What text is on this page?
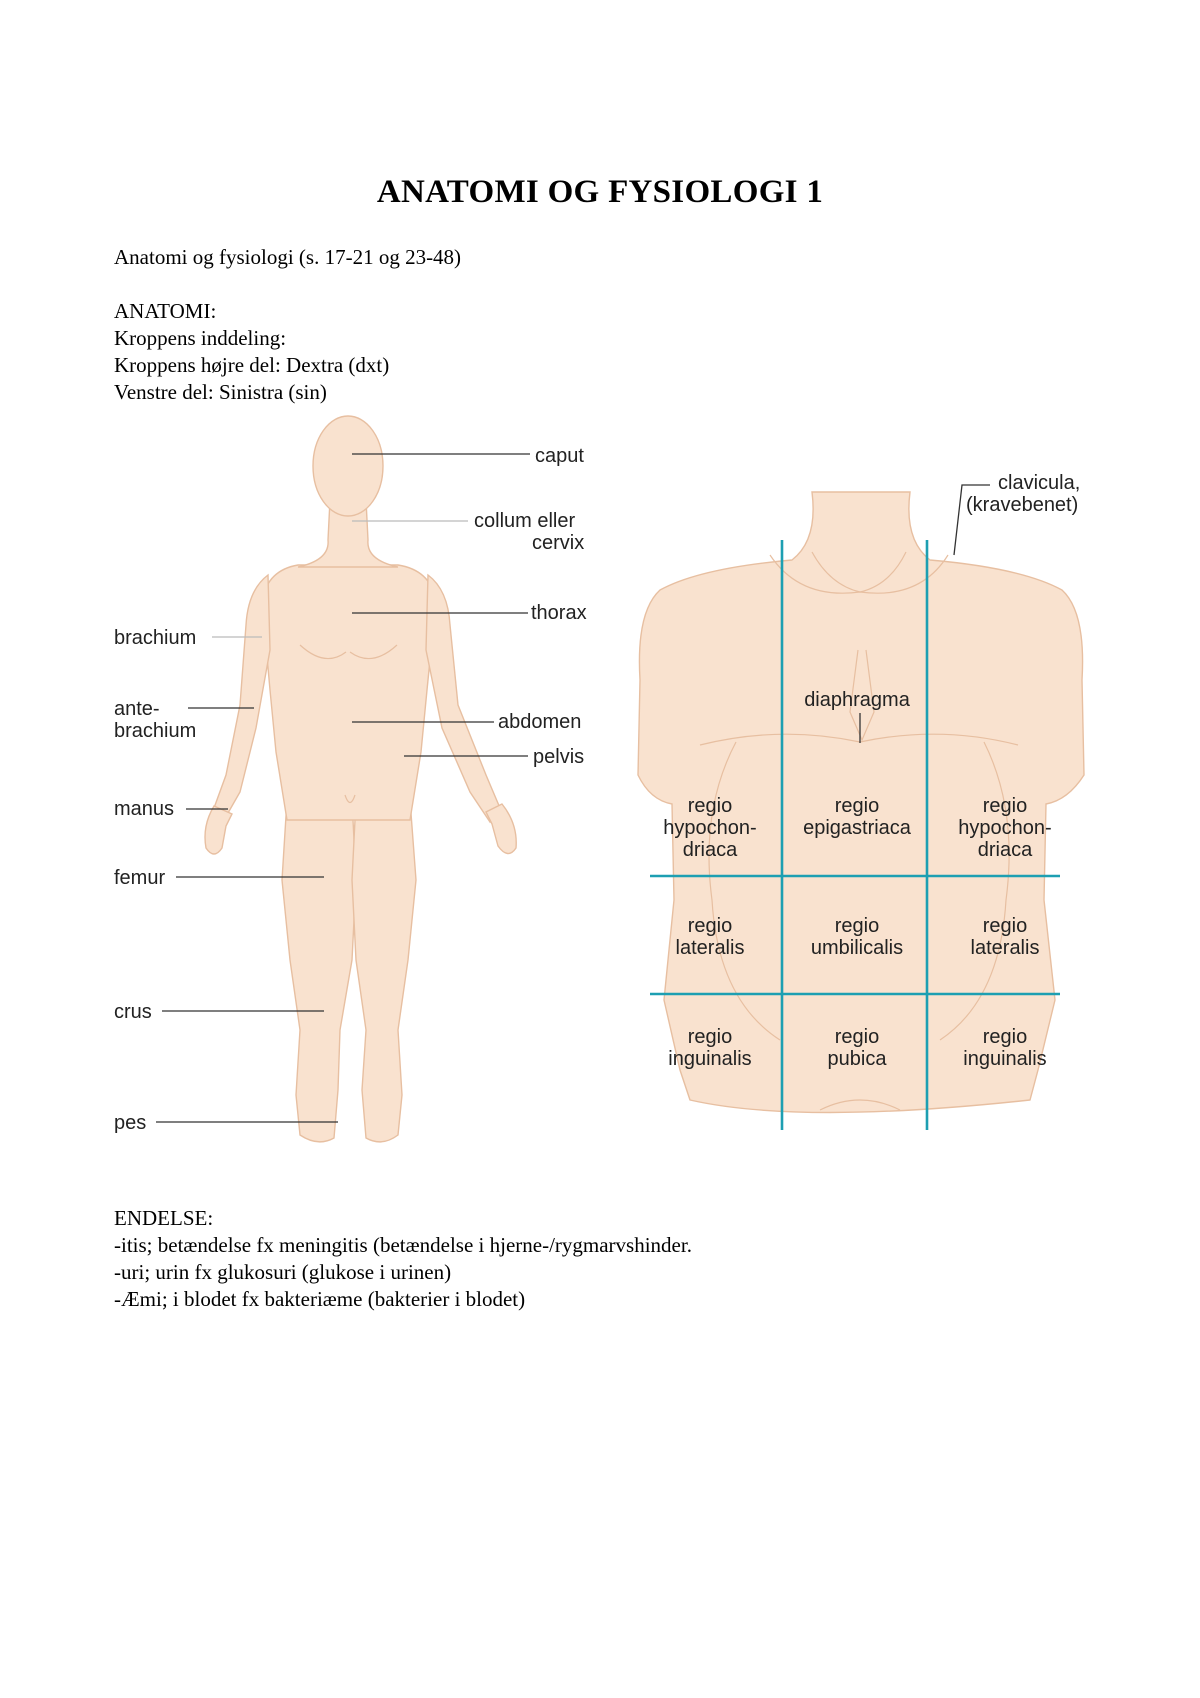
ANATOMI OG FYSIOLOGI 1
Anatomi og fysiologi (s. 17-21 og 23-48)
ANATOMI:
Kroppens inddeling:
Kroppens højre del: Dextra (dxt)
Venstre del: Sinistra (sin)
caput
collum eller
cervix
thorax
brachium
ante-
brachium	abdomen
pelvis
manus
femur
crus
pes
clavicula,
(kravebenet)
diaphragma
regio
hypochon-
driaca
regio
epigastriaca
regio
hypochon-
driaca
regio
lateralis
regio
umbilicalis
regio
lateralis
regio
inguinalis
regio
pubica
regio
inguinalis
ENDELSE:
-itis; betændelse fx meningitis (betændelse i hjerne-/rygmarvshinder.
-uri; urin fx glukosuri (glukose i urinen)
-Æmi; i blodet fx bakteriæme (bakterier i blodet)
